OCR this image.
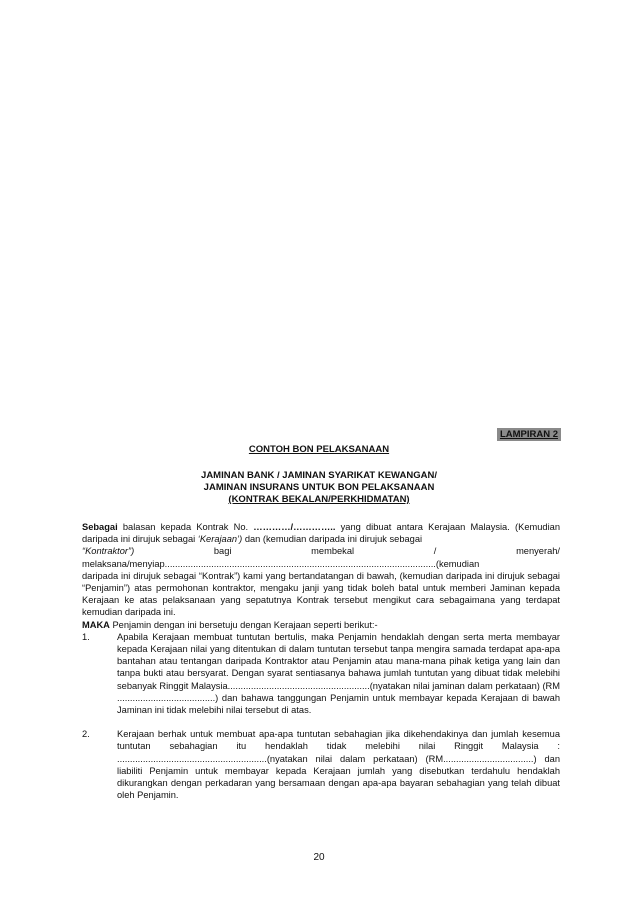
LAMPIRAN 2
CONTOH BON PELAKSANAAN
JAMINAN BANK / JAMINAN SYARIKAT KEWANGAN/
JAMINAN INSURANS UNTUK BON PELAKSANAAN
(KONTRAK BEKALAN/PERKHIDMATAN)

Sebagai balasan kepada Kontrak No. …………/………….. yang dibuat antara Kerajaan Malaysia. (Kemudian daripada ini dirujuk sebagai ‘Kerajaan’) dan (kemudian daripada ini dirujuk sebagai

“Kontraktor”)	bagi	membekal	/	menyerah/

melaksana/menyiap.........................................................................................................(kemudian

daripada ini dirujuk sebagai “Kontrak”) kami yang bertandatangan di bawah, (kemudian daripada ini dirujuk sebagai “Penjamin”) atas permohonan kontraktor, mengaku janji yang tidak boleh batal untuk memberi Jaminan kepada Kerajaan ke atas pelaksanaan yang sepatutnya Kontrak tersebut mengikut cara sebagaimana yang terdapat kemudian daripada ini.

MAKA Penjamin dengan ini bersetuju dengan Kerajaan seperti berikut:-

1.	Apabila Kerajaan membuat tuntutan bertulis, maka Penjamin hendaklah dengan serta merta membayar kepada Kerajaan nilai yang ditentukan di dalam tuntutan tersebut tanpa mengira samada terdapat apa-apa bantahan atau tentangan daripada Kontraktor atau Penjamin atau mana-mana pihak ketiga yang lain dan tanpa bukti atau bersyarat. Dengan syarat sentiasanya bahawa jumlah tuntutan yang dibuat tidak melebihi sebanyak Ringgit Malaysia.......................................................(nyatakan nilai jaminan dalam perkataan) (RM ......................................) dan bahawa tanggungan Penjamin untuk membayar kepada Kerajaan di bawah Jaminan ini tidak melebihi nilai tersebut di atas.
2.	Kerajaan berhak untuk membuat apa-apa tuntutan sebahagian jika dikehendakinya dan jumlah kesemua tuntutan sebahagian itu hendaklah tidak melebihi nilai Ringgit Malaysia : ..........................................................(nyatakan nilai dalam perkataan) (RM...................................) dan liabiliti Penjamin untuk membayar kepada Kerajaan jumlah yang disebutkan terdahulu hendaklah dikurangkan dengan perkadaran yang bersamaan dengan apa-apa bayaran sebahagian yang telah dibuat oleh Penjamin.
20
